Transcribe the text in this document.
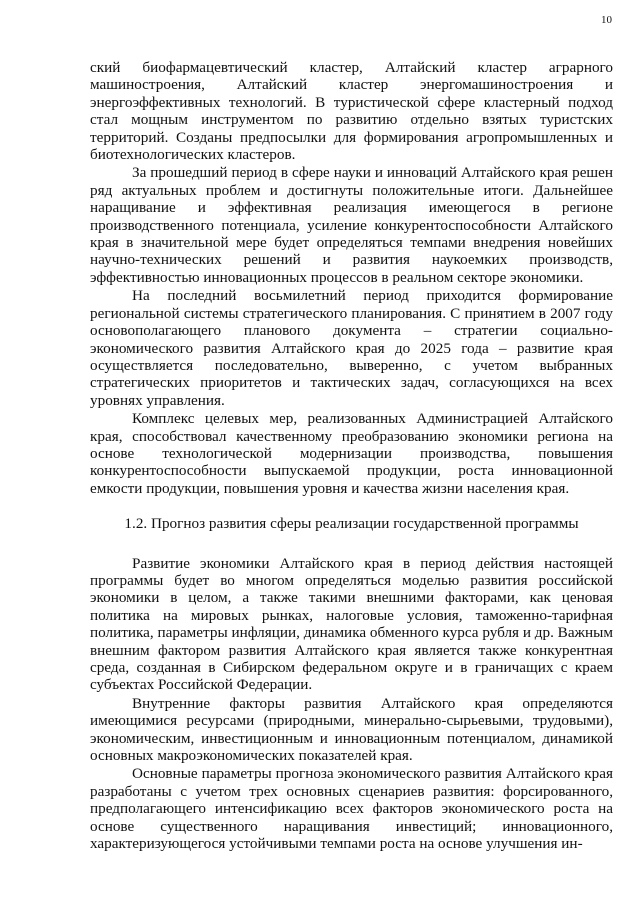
10

ский биофармацевтический кластер, Алтайский кластер аграрного машиностроения, Алтайский кластер энергомашиностроения и энергоэффективных технологий. В туристической сфере кластерный подход стал мощным инструментом по развитию отдельно взятых туристских территорий. Созданы предпосылки для формирования агропромышленных и биотехнологических кластеров.

За прошедший период в сфере науки и инноваций Алтайского края решен ряд актуальных проблем и достигнуты положительные итоги. Дальнейшее наращивание и эффективная реализация имеющегося в регионе производственного потенциала, усиление конкурентоспособности Алтайского края в значительной мере будет определяться темпами внедрения новейших научно-технических решений и развития наукоемких производств, эффективностью инновационных процессов в реальном секторе экономики.

На последний восьмилетний период приходится формирование региональной системы стратегического планирования. С принятием в 2007 году основополагающего планового документа – стратегии социально-экономического развития Алтайского края до 2025 года – развитие края осуществляется последовательно, выверенно, с учетом выбранных стратегических приоритетов и тактических задач, согласующихся на всех уровнях управления.

Комплекс целевых мер, реализованных Администрацией Алтайского края, способствовал качественному преобразованию экономики региона на основе технологической модернизации производства, повышения конкурентоспособности выпускаемой продукции, роста инновационной емкости продукции, повышения уровня и качества жизни населения края.

1.2. Прогноз развития сферы реализации государственной программы

Развитие экономики Алтайского края в период действия настоящей программы будет во многом определяться моделью развития российской экономики в целом, а также такими внешними факторами, как ценовая политика на мировых рынках, налоговые условия, таможенно-тарифная политика, параметры инфляции, динамика обменного курса рубля и др. Важным внешним фактором развития Алтайского края является также конкурентная среда, созданная в Сибирском федеральном округе и в граничащих с краем субъектах Российской Федерации.

Внутренние факторы развития Алтайского края определяются имеющимися ресурсами (природными, минерально-сырьевыми, трудовыми), экономическим, инвестиционным и инновационным потенциалом, динамикой основных макроэкономических показателей края.

Основные параметры прогноза экономического развития Алтайского края разработаны с учетом трех основных сценариев развития: форсированного, предполагающего интенсификацию всех факторов экономического роста на основе существенного наращивания инвестиций; инновационного, характеризующегося устойчивыми темпами роста на основе улучшения ин-
